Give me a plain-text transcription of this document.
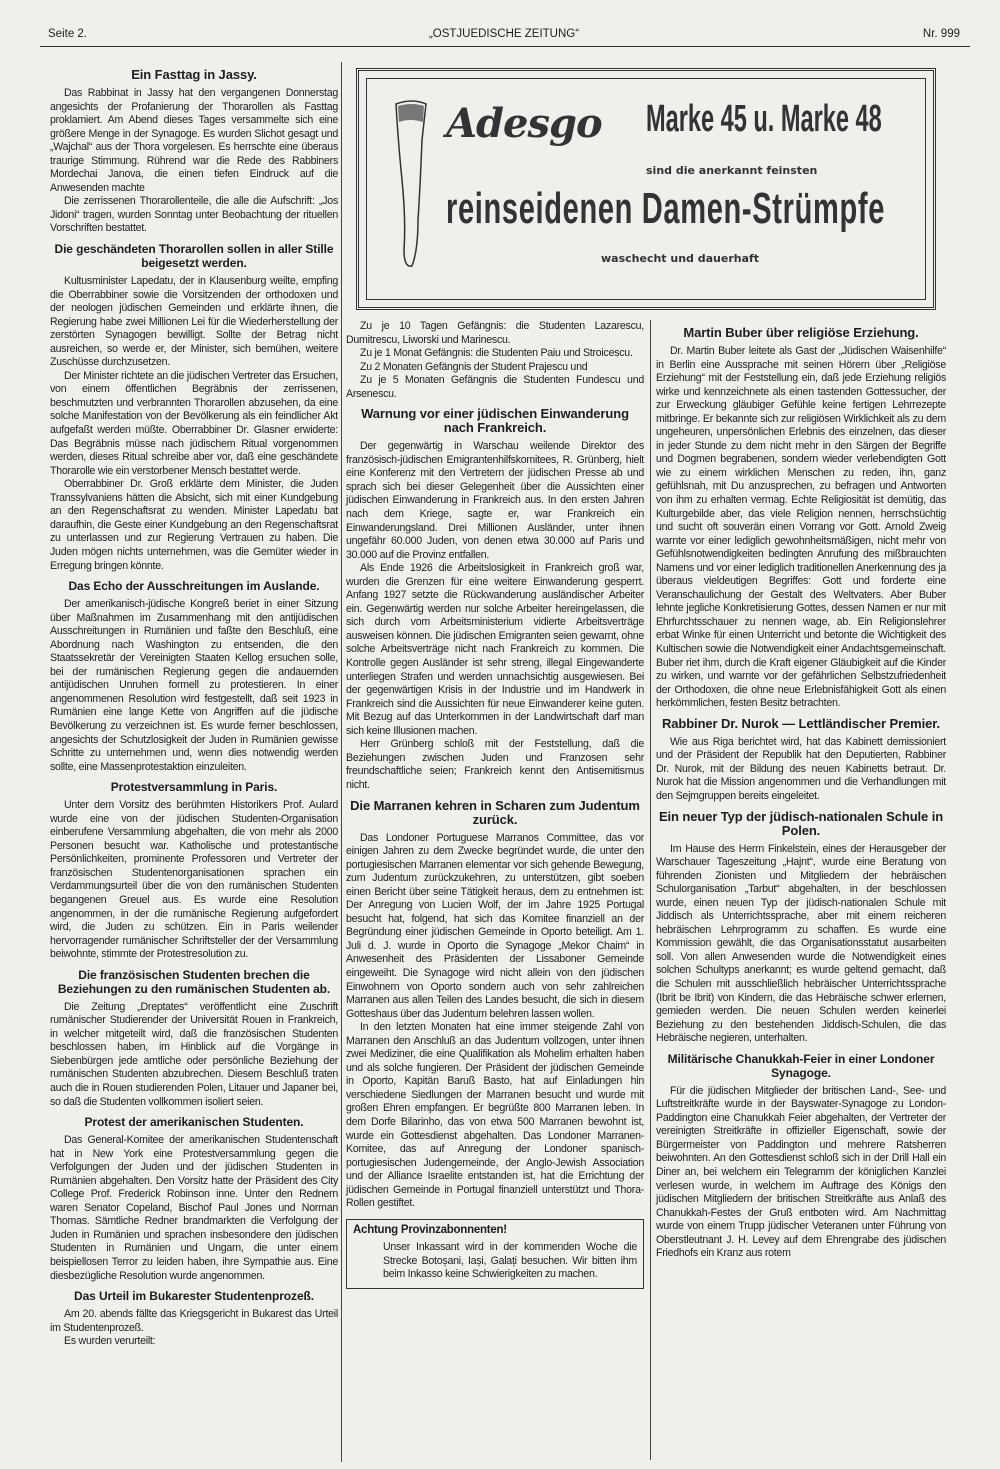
Seite 2.	„OSTJUEDISCHE ZEITUNG“	Nr. 999
Adesgo Marke 45 u. Marke 48
sind die anerkannt feinsten
reinseidenen Damen-Strümpfe
waschecht und dauerhaft
Ein Fasttag in Jassy.

Das Rabbinat in Jassy hat den vergangenen Donnerstag angesichts der Profanierung der Thorarollen als Fasttag proklamiert. Am Abend dieses Tages versammelte sich eine größere Menge in der Synagoge. Es wurden Slichot gesagt und „Wajchal“ aus der Thora vorgelesen. Es herrschte eine überaus traurige Stimmung. Rührend war die Rede des Rabbiners Mordechai Janova, die einen tiefen Eindruck auf die Anwesenden machte

Die zerrissenen Thorarollenteile, die alle die Aufschrift: „Jos Jidoni“ tragen, wurden Sonntag unter Beobachtung der rituellen Vorschriften bestattet.

Die geschändeten Thorarollen sollen in aller Stille beigesetzt werden.

Kultusminister Lapedatu, der in Klausenburg weilte, empfing die Oberrabbiner sowie die Vorsitzenden der orthodoxen und der neologen jüdischen Gemeinden und erklärte ihnen, die Regierung habe zwei Millionen Lei für die Wiederherstellung der zerstörten Synagogen bewilligt. Sollte der Betrag nicht ausreichen, so werde er, der Minister, sich bemühen, weitere Zuschüsse durchzusetzen.

Der Minister richtete an die jüdischen Vertreter das Ersuchen, von einem öffentlichen Begräbnis der zerrissenen, beschmutzten und verbrannten Thorarollen abzusehen, da eine solche Manifestation von der Bevölkerung als ein feindlicher Akt aufgefaßt werden müßte. Oberrabbiner Dr. Glasner erwiderte: Das Begräbnis müsse nach jüdischem Ritual vorgenommen werden, dieses Ritual schreibe aber vor, daß eine geschändete Thorarolle wie ein verstorbener Mensch bestattet werde.

Oberrabbiner Dr. Groß erklärte dem Minister, die Juden Transsylvaniens hätten die Absicht, sich mit einer Kundgebung an den Regenschaftsrat zu wenden. Minister Lapedatu bat daraufhin, die Geste einer Kundgebung an den Regenschaftsrat zu unterlassen und zur Regierung Vertrauen zu haben. Die Juden mögen nichts unternehmen, was die Gemüter wieder in Erregung bringen könnte.

Das Echo der Ausschreitungen im Auslande.

Der amerikanisch-jüdische Kongreß beriet in einer Sitzung über Maßnahmen im Zusammenhang mit den antijüdischen Ausschreitungen in Rumänien und faßte den Beschluß, eine Abordnung nach Washington zu entsenden, die den Staatssekretär der Vereinigten Staaten Kellog ersuchen solle, bei der rumänischen Regierung gegen die andauernden antijüdischen Unruhen formell zu protestieren. In einer angenommenen Resolution wird festgestellt, daß seit 1923 in Rumänien eine lange Kette von Angriffen auf die jüdische Bevölkerung zu verzeichnen ist. Es wurde ferner beschlossen, angesichts der Schutzlosigkeit der Juden in Rumänien gewisse Schritte zu unternehmen und, wenn dies notwendig werden sollte, eine Massenprotestaktion einzuleiten.

Protestversammlung in Paris.

Unter dem Vorsitz des berühmten Historikers Prof. Aulard wurde eine von der jüdischen Studenten-Organisation einberufene Versammlung abgehalten, die von mehr als 2000 Personen besucht war. Katholische und protestantische Persönlichkeiten, prominente Professoren und Vertreter der französischen Studentenorganisationen sprachen ein Verdammungsurteil über die von den rumänischen Studenten begangenen Greuel aus. Es wurde eine Resolution angenommen, in der die rumänische Regierung aufgefordert wird, die Juden zu schützen. Ein in Paris weilender hervorragender rumänischer Schriftsteller der der Versammlung beiwohnte, stimmte der Protestresolution zu.

Die französischen Studenten brechen die Beziehungen zu den rumänischen Studenten ab.

Die Zeitung „Dreptates“ veröffentlicht eine Zuschrift rumänischer Studierender der Universität Rouen in Frankreich, in welcher mitgeteilt wird, daß die französischen Studenten beschlossen haben, im Hinblick auf die Vorgänge in Siebenbürgen jede amtliche oder persönliche Beziehung der rumänischen Studenten abzubrechen. Diesem Beschluß traten auch die in Rouen studierenden Polen, Litauer und Japaner bei, so daß die Studenten vollkommen isoliert seien.

Protest der amerikanischen Studenten.

Das General-Komitee der amerikanischen Studentenschaft hat in New York eine Protestversammlung gegen die Verfolgungen der Juden und der jüdischen Studenten in Rumänien abgehalten. Den Vorsitz hatte der Präsident des City College Prof. Frederick Robinson inne. Unter den Rednern waren Senator Copeland, Bischof Paul Jones und Norman Thomas. Sämtliche Redner brandmarkten die Verfolgung der Juden in Rumänien und sprachen insbesondere den jüdischen Studenten in Rumänien und Ungarn, die unter einem beispiellosen Terror zu leiden haben, ihre Sympathie aus. Eine diesbezügliche Resolution wurde angenommen.

Das Urteil im Bukarester Studentenprozeß.

Am 20. abends fällte das Kriegsgericht in Bukarest das Urteil im Studentenprozeß.

Es wurden verurteilt:

Zu je 10 Tagen Gefängnis: die Studenten Lazarescu, Dumitrescu, Liworski und Marinescu.

Zu je 1 Monat Gefängnis: die Studenten Paiu und Stroicescu.

Zu 2 Monaten Gefängnis der Student Prajescu und

Zu je 5 Monaten Gefängnis die Studenten Fundescu und Arsenescu.

Warnung vor einer jüdischen Einwanderung nach Frankreich.

Der gegenwärtig in Warschau weilende Direktor des französisch-jüdischen Emigrantenhilfskomitees, R. Grünberg, hielt eine Konferenz mit den Vertretern der jüdischen Presse ab und sprach sich bei dieser Gelegenheit über die Aussichten einer jüdischen Einwanderung in Frankreich aus. In den ersten Jahren nach dem Kriege, sagte er, war Frankreich ein Einwanderungsland. Drei Millionen Ausländer, unter ihnen ungefähr 60.000 Juden, von denen etwa 30.000 auf Paris und 30.000 auf die Provinz entfallen.

Als Ende 1926 die Arbeitslosigkeit in Frankreich groß war, wurden die Grenzen für eine weitere Einwanderung gesperrt. Anfang 1927 setzte die Rückwanderung ausländischer Arbeiter ein. Gegenwärtig werden nur solche Arbeiter hereingelassen, die sich durch vom Arbeitsministerium vidierte Arbeitsverträge ausweisen können. Die jüdischen Emigranten seien gewarnt, ohne solche Arbeitsverträge nicht nach Frankreich zu kommen. Die Kontrolle gegen Ausländer ist sehr streng, illegal Eingewanderte unterliegen Strafen und werden unnachsichtig ausgewiesen. Bei der gegenwärtigen Krisis in der Industrie und im Handwerk in Frankreich sind die Aussichten für neue Einwanderer keine guten. Mit Bezug auf das Unterkommen in der Landwirtschaft darf man sich keine Illusionen machen.

Herr Grünberg schloß mit der Feststellung, daß die Beziehungen zwischen Juden und Franzosen sehr freundschaftliche seien; Frankreich kennt den Antisemitismus nicht.

Die Marranen kehren in Scharen zum Judentum zurück.

Das Londoner Portuguese Marranos Committee, das vor einigen Jahren zu dem Zwecke begründet wurde, die unter den portugiesischen Marranen elementar vor sich gehende Bewegung, zum Judentum zurückzukehren, zu unterstützen, gibt soeben einen Bericht über seine Tätigkeit heraus, dem zu entnehmen ist: Der Anregung von Lucien Wolf, der im Jahre 1925 Portugal besucht hat, folgend, hat sich das Komitee finanziell an der Begründung einer jüdischen Gemeinde in Oporto beteiligt. Am 1. Juli d. J. wurde in Oporto die Synagoge „Mekor Chaim“ in Anwesenheit des Präsidenten der Lissaboner Gemeinde eingeweiht. Die Synagoge wird nicht allein von den jüdischen Einwohnern von Oporto sondern auch von sehr zahlreichen Marranen aus allen Teilen des Landes besucht, die sich in diesem Gotteshaus über das Judentum belehren lassen wollen.

In den letzten Monaten hat eine immer steigende Zahl von Marranen den Anschluß an das Judentum vollzogen, unter ihnen zwei Mediziner, die eine Qualifikation als Mohelim erhalten haben und als solche fungieren. Der Präsident der jüdischen Gemeinde in Oporto, Kapitän Baruß Basto, hat auf Einladungen hin verschiedene Siedlungen der Marranen besucht und wurde mit großen Ehren empfangen. Er begrüßte 800 Marranen leben. In dem Dorfe Bilarinho, das von etwa 500 Marranen bewohnt ist, wurde ein Gottesdienst abgehalten. Das Londoner Marranen-Komitee, das auf Anregung der Londoner spanisch-portugiesischen Judengemeinde, der Anglo-Jewish Association und der Alliance Israelite entstanden ist, hat die Errichtung der jüdischen Gemeinde in Portugal finanziell unterstützt und Thora-Rollen gestiftet.

Achtung Provinzabonnenten!

Unser Inkassant wird in der kommenden Woche die Strecke Botoșani, Iași, Galați besuchen. Wir bitten ihm beim Inkasso keine Schwierigkeiten zu machen.

Martin Buber über religiöse Erziehung.

Dr. Martin Buber leitete als Gast der „Jüdischen Waisenhilfe“ in Berlin eine Aussprache mit seinen Hörern über „Religiöse Erziehung“ mit der Feststellung ein, daß jede Erziehung religiös wirke und kennzeichnete als einen tastenden Gottessucher, der zur Erweckung gläubiger Gefühle keine fertigen Lehrrezepte mitbringe. Er bekannte sich zur religiösen Wirklichkeit als zu dem ungeheuren, unpersönlichen Erlebnis des einzelnen, das dieser in jeder Stunde zu dem nicht mehr in den Särgen der Begriffe und Dogmen begrabenen, sondern wieder verlebendigten Gott wie zu einem wirklichen Menschen zu reden, ihn, ganz gefühlsnah, mit Du anzusprechen, zu befragen und Antworten von ihm zu erhalten vermag. Echte Religiosität ist demütig, das Kulturgebilde aber, das viele Religion nennen, herrschsüchtig und sucht oft souverän einen Vorrang vor Gott. Arnold Zweig warnte vor einer lediglich gewohnheitsmäßigen, nicht mehr von Gefühlsnotwendigkeiten bedingten Anrufung des mißbrauchten Namens und vor einer lediglich traditionellen Anerkennung des ja überaus vieldeutigen Begriffes: Gott und forderte eine Veranschaulichung der Gestalt des Weltvaters. Aber Buber lehnte jegliche Konkretisierung Gottes, dessen Namen er nur mit Ehrfurchtsschauer zu nennen wage, ab. Ein Religionslehrer erbat Winke für einen Unterricht und betonte die Wichtigkeit des Kultischen sowie die Notwendigkeit einer Andachtsgemeinschaft. Buber riet ihm, durch die Kraft eigener Gläubigkeit auf die Kinder zu wirken, und warnte vor der gefährlichen Selbstzufriedenheit der Orthodoxen, die ohne neue Erlebnisfähigkeit Gott als einen herkömmlichen, festen Besitz betrachten.

Rabbiner Dr. Nurok — Lettländischer Premier.

Wie aus Riga berichtet wird, hat das Kabinett demissioniert und der Präsident der Republik hat den Deputierten, Rabbiner Dr. Nurok, mit der Bildung des neuen Kabinetts betraut. Dr. Nurok hat die Mission angenommen und die Verhandlungen mit den Sejmgruppen bereits eingeleitet.

Ein neuer Typ der jüdisch-nationalen Schule in Polen.

Im Hause des Herrn Finkelstein, eines der Herausgeber der Warschauer Tageszeitung „Hajnt“, wurde eine Beratung von führenden Zionisten und Mitgliedern der hebräischen Schulorganisation „Tarbut“ abgehalten, in der beschlossen wurde, einen neuen Typ der jüdisch-nationalen Schule mit Jiddisch als Unterrichtssprache, aber mit einem reicheren hebräischen Lehrprogramm zu schaffen. Es wurde eine Kommission gewählt, die das Organisationsstatut ausarbeiten soll. Von allen Anwesenden wurde die Notwendigkeit eines solchen Schultyps anerkannt; es wurde geltend gemacht, daß die Schulen mit ausschließlich hebräischer Unterrichtssprache (Ibrit be Ibrit) von Kindern, die das Hebräische schwer erlernen, gemieden werden. Die neuen Schulen werden keinerlei Beziehung zu den bestehenden Jiddisch-Schulen, die das Hebräische negieren, unterhalten.

Militärische Chanukkah-Feier in einer Londoner Synagoge.

Für die jüdischen Mitglieder der britischen Land-, See- und Luftstreitkräfte wurde in der Bayswater-Synagoge zu London-Paddington eine Chanukkah Feier abgehalten, der Vertreter der vereinigten Streitkräfte in offizieller Eigenschaft, sowie der Bürgermeister von Paddington und mehrere Ratsherren beiwohnten. An den Gottesdienst schloß sich in der Drill Hall ein Diner an, bei welchem ein Telegramm der königlichen Kanzlei verlesen wurde, in welchem im Auftrage des Königs den jüdischen Mitgliedern der britischen Streitkräfte aus Anlaß des Chanukkah-Festes der Gruß entboten wird. Am Nachmittag wurde von einem Trupp jüdischer Veteranen unter Führung von Oberstleutnant J. H. Levey auf dem Ehrengrabe des jüdischen Friedhofs ein Kranz aus rotem
